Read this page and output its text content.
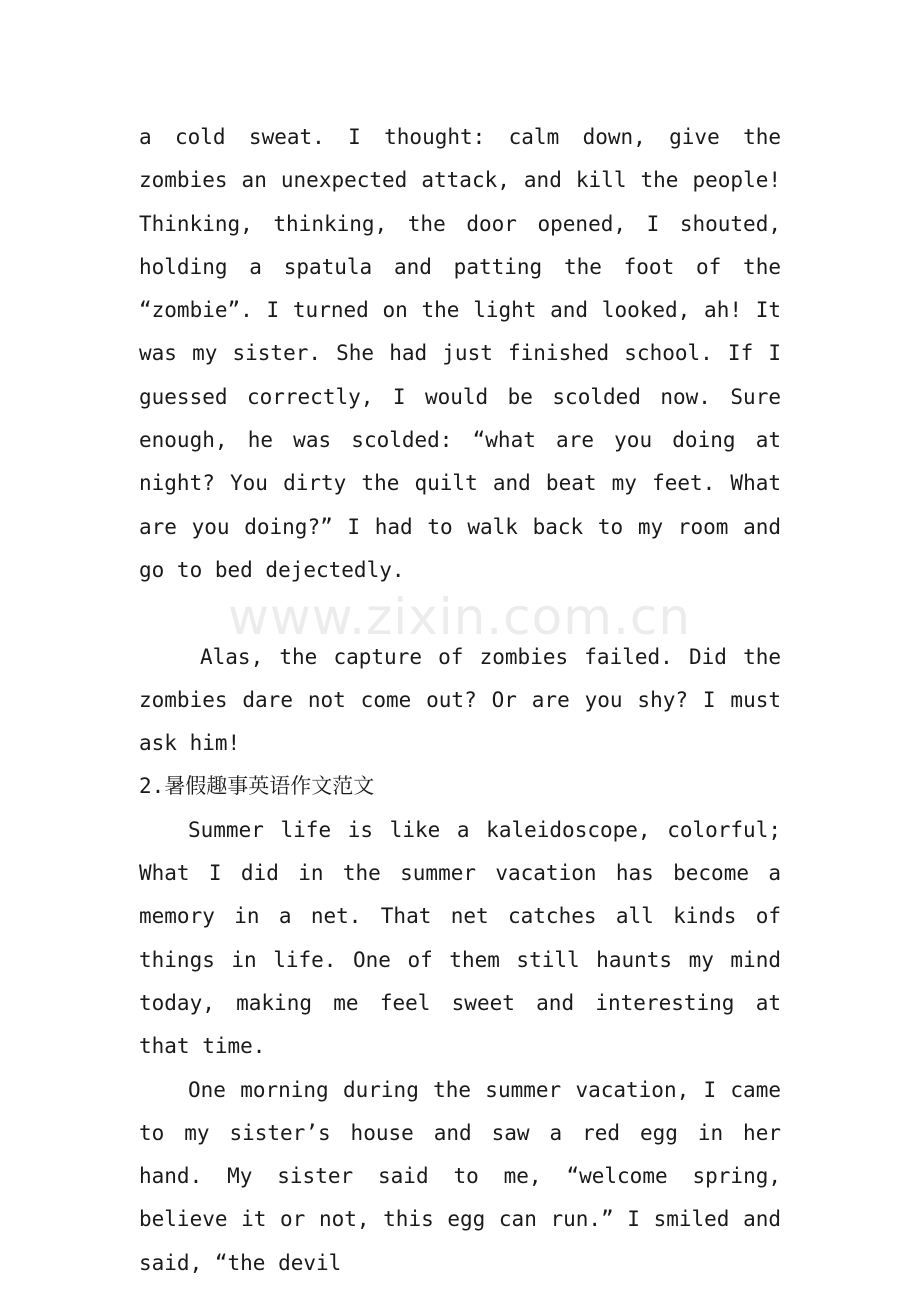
a cold sweat. I thought: calm down, give the zombies an unexpected attack, and kill the people! Thinking, thinking, the door opened, I shouted, holding a spatula and patting the foot of the “zombie”. I turned on the light and looked, ah! It was my sister. She had just finished school. If I guessed correctly, I would be scolded now. Sure enough, he was scolded: “what are you doing at night? You dirty the quilt and beat my feet. What are you doing?” I had to walk back to my room and go to bed dejectedly.

Alas, the capture of zombies failed. Did the zombies dare not come out? Or are you shy? I must ask him!

2.暑假趣事英语作文范文

Summer life is like a kaleidoscope, colorful; What I did in the summer vacation has become a memory in a net. That net catches all kinds of things in life. One of them still haunts my mind today, making me feel sweet and interesting at that time.

One morning during the summer vacation, I came to my sister’s house and saw a red egg in her hand. My sister said to me, “welcome spring, believe it or not, this egg can run.” I smiled and said, “the devil

www.zixin.com.cn
